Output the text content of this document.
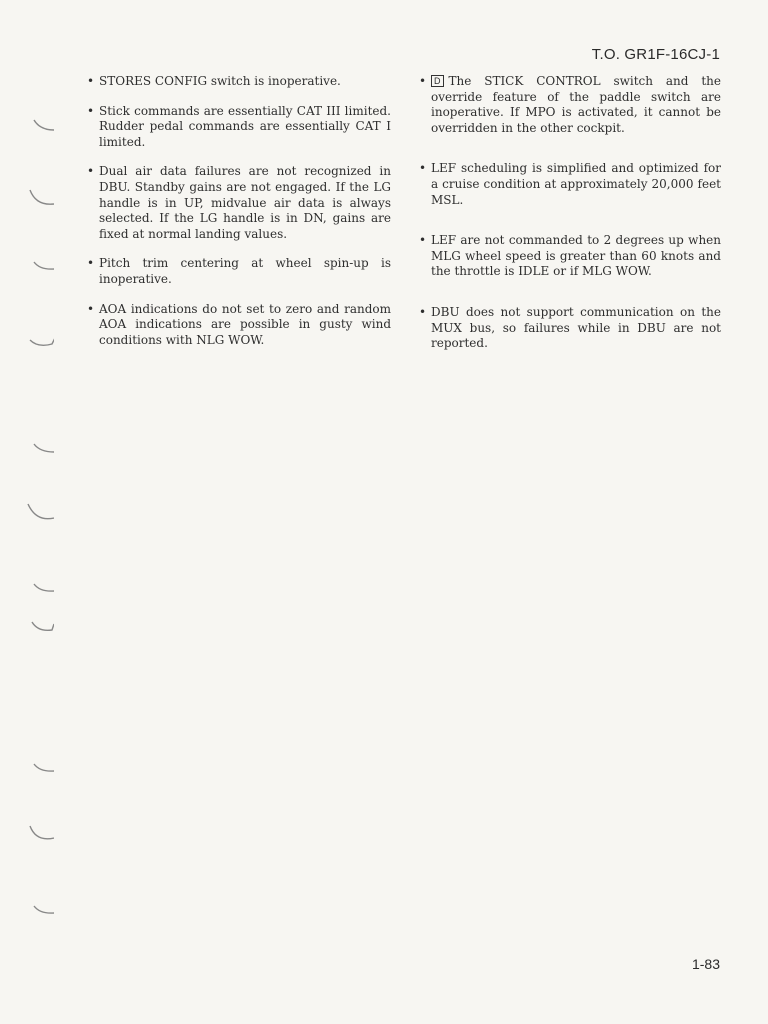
T.O. GR1F-16CJ-1
• STORES CONFIG switch is inoperative.
• Stick commands are essentially CAT III limited. Rudder pedal commands are essentially CAT I limited.
• Dual air data failures are not recognized in DBU. Standby gains are not engaged. If the LG handle is in UP, midvalue air data is always selected. If the LG handle is in DN, gains are fixed at normal landing values.
• Pitch trim centering at wheel spin-up is inoperative.
• AOA indications do not set to zero and random AOA indications are possible in gusty wind conditions with NLG WOW.
• D The STICK CONTROL switch and the override feature of the paddle switch are inoperative. If MPO is activated, it cannot be overridden in the other cockpit.
• LEF scheduling is simplified and optimized for a cruise condition at approximately 20,000 feet MSL.
• LEF are not commanded to 2 degrees up when MLG wheel speed is greater than 60 knots and the throttle is IDLE or if MLG WOW.
• DBU does not support communication on the MUX bus, so failures while in DBU are not reported.
1-83
